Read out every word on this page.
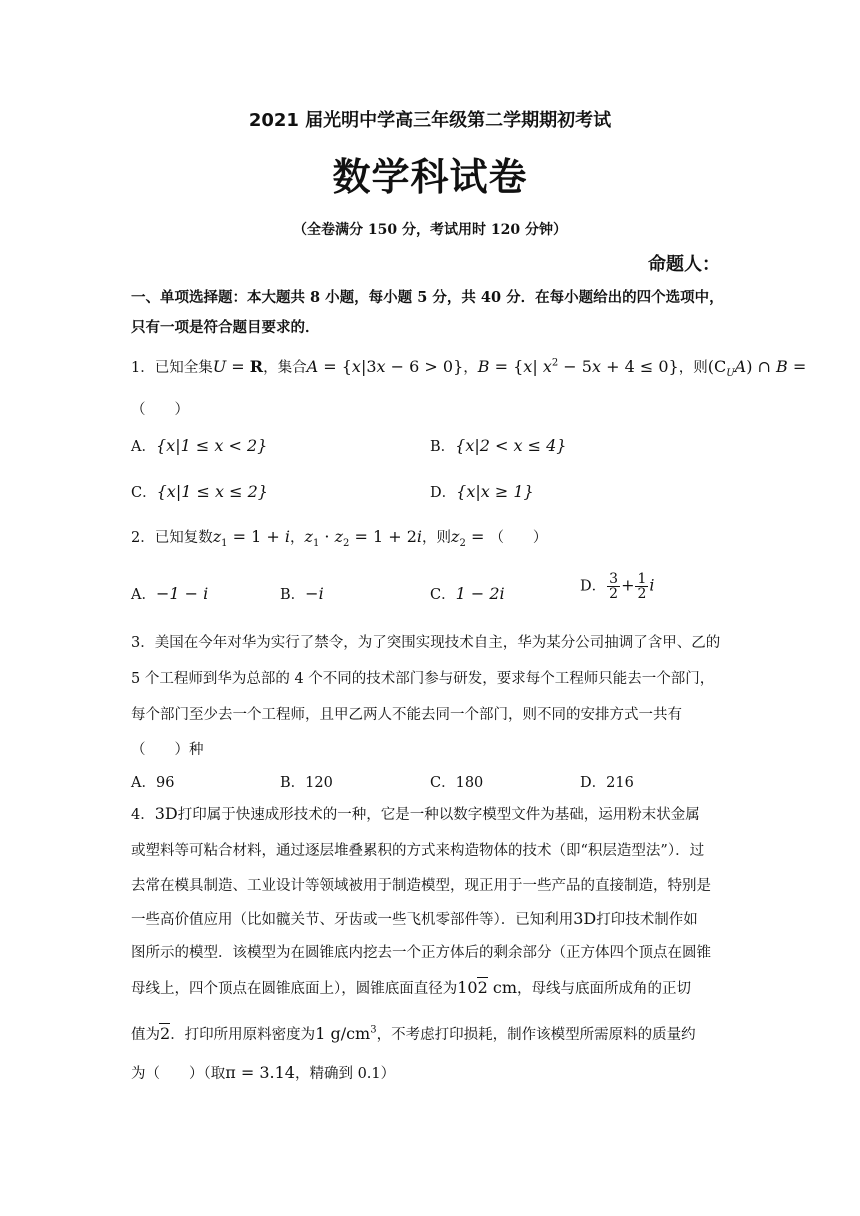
2021 届光明中学高三年级第二学期期初考试
数学科试卷
（全卷满分 150 分，考试用时 120 分钟）
命题人：
一、单项选择题：本大题共 8 小题，每小题 5 分，共 40 分．在每小题给出的四个选项中，
只有一项是符合题目要求的．
1．已知全集U = R，集合A = {x|3x − 6 > 0}，B = {x| $x^2 - 5x + 4 \le 0$}，则$(C_UA)$ ∩ B =
（　　）
A．{x|1 ≤ x < 2}	B．{x|2 < x ≤ 4}
C．{x|1 ≤ x ≤ 2}	D．{x|x ≥ 1}
2．已知复数$z_1 = 1 + i$，$z_1 \cdot z_2 = 1 + 2i$，则$z_2$ = （　　）
A．−1 − i	B．−i	C．1 − 2i	D． $\frac{3}{2} + \frac{1}{2}$ i
3．美国在今年对华为实行了禁令，为了突围实现技术自主，华为某分公司抽调了含甲、乙的
5 个工程师到华为总部的 4 个不同的技术部门参与研发，要求每个工程师只能去一个部门，
每个部门至少去一个工程师，且甲乙两人不能去同一个部门，则不同的安排方式一共有
（　　）种
A．96	B．120	C．180	D．216
4．3D打印属于快速成形技术的一种，它是一种以数字模型文件为基础，运用粉末状金属
或塑料等可粘合材料，通过逐层堆叠累积的方式来构造物体的技术（即“积层造型法”）．过
去常在模具制造、工业设计等领域被用于制造模型，现正用于一些产品的直接制造，特别是
一些高价值应用（比如髋关节、牙齿或一些飞机零部件等）．已知利用3D打印技术制作如
图所示的模型．该模型为在圆锥底内挖去一个正方体后的剩余部分（正方体四个顶点在圆锥
母线上，四个顶点在圆锥底面上），圆锥底面直径为102 cm，母线与底面所成角的正切
值为2．打印所用原料密度为1 $g/cm^3$，不考虑打印损耗，制作该模型所需原料的质量约
为（　　）（取π = 3.14，精确到 0.1）
